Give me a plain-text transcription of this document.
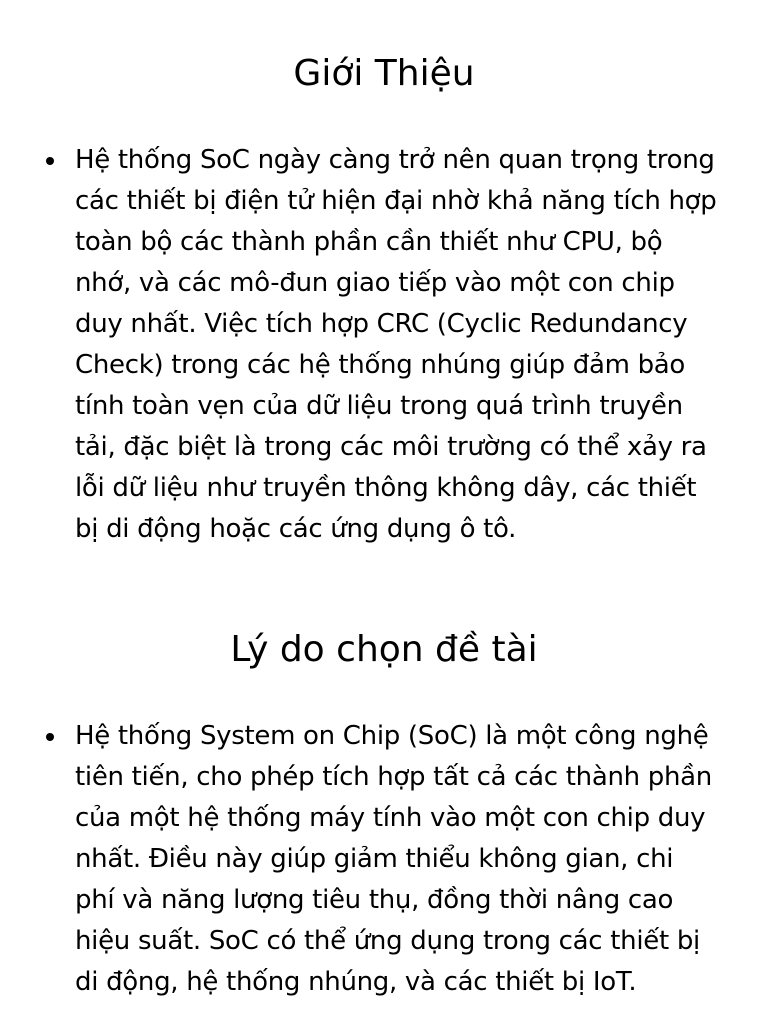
Giới Thiệu
Hệ thống SoC ngày càng trở nên quan trọng trong các thiết bị điện tử hiện đại nhờ khả năng tích hợp toàn bộ các thành phần cần thiết như CPU, bộ nhớ, và các mô-đun giao tiếp vào một con chip duy nhất. Việc tích hợp CRC (Cyclic Redundancy Check) trong các hệ thống nhúng giúp đảm bảo tính toàn vẹn của dữ liệu trong quá trình truyền tải, đặc biệt là trong các môi trường có thể xảy ra lỗi dữ liệu như truyền thông không dây, các thiết bị di động hoặc các ứng dụng ô tô.
Lý do chọn đề tài
Hệ thống System on Chip (SoC) là một công nghệ tiên tiến, cho phép tích hợp tất cả các thành phần của một hệ thống máy tính vào một con chip duy nhất. Điều này giúp giảm thiểu không gian, chi phí và năng lượng tiêu thụ, đồng thời nâng cao hiệu suất. SoC có thể ứng dụng trong các thiết bị di động, hệ thống nhúng, và các thiết bị IoT.
